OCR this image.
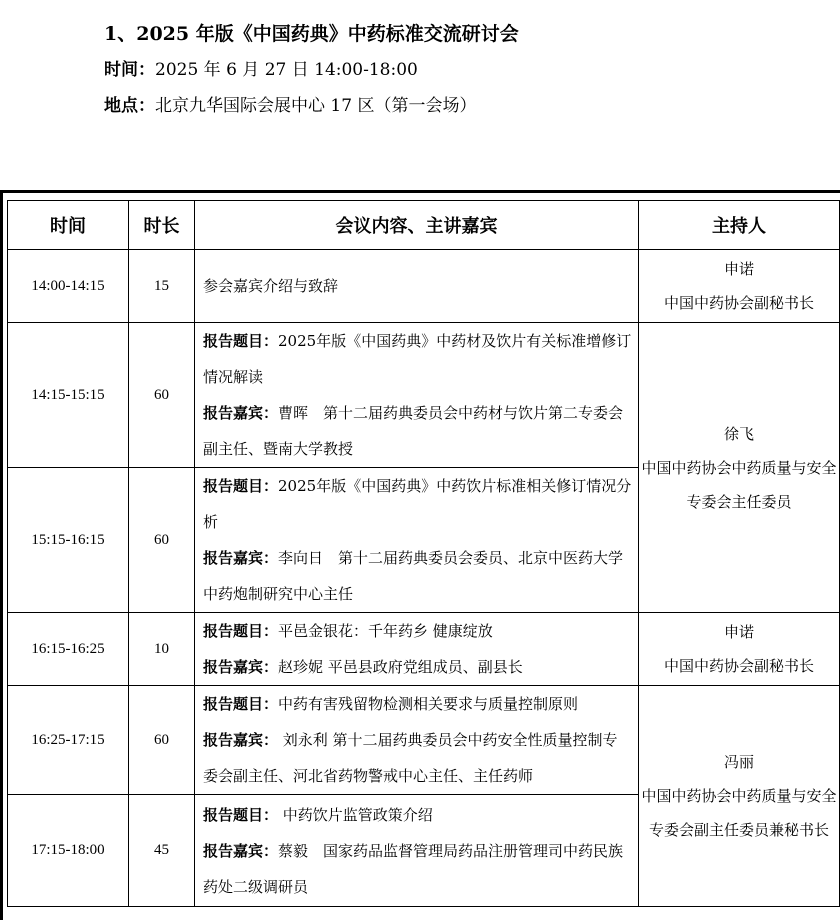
1、2025 年版《中国药典》中药标准交流研讨会
时间：2025 年 6 月 27 日 14:00-18:00
地点：北京九华国际会展中心 17 区（第一会场）
时间	时长	会议内容、主讲嘉宾	主持人
14:00-14:15	15	参会嘉宾介绍与致辞	申诺
中国中药协会副秘书长

14:15-15:15	60	报告题目：2025年版《中国药典》中药材及饮片有关标准增修订情况解读
报告嘉宾：曹晖　第十二届药典委员会中药材与饮片第二专委会副主任、暨南大学教授	徐飞
中国中药协会中药质量与安全专委会主任委员

15:15-16:15	60	报告题目：2025年版《中国药典》中药饮片标准相关修订情况分析
报告嘉宾：李向日　第十二届药典委员会委员、北京中医药大学中药炮制研究中心主任	
16:15-16:25	10	报告题目：平邑金银花：千年药乡 健康绽放
报告嘉宾：赵珍妮 平邑县政府党组成员、副县长	申诺
中国中药协会副秘书长

16:25-17:15	60	报告题目：中药有害残留物检测相关要求与质量控制原则
报告嘉宾： 刘永利 第十二届药典委员会中药安全性质量控制专委会副主任、河北省药物警戒中心主任、主任药师	冯丽
中国中药协会中药质量与安全专委会副主任委员兼秘书长

17:15-18:00	45	报告题目： 中药饮片监管政策介绍
报告嘉宾：蔡毅　国家药品监督管理局药品注册管理司中药民族药处二级调研员	
